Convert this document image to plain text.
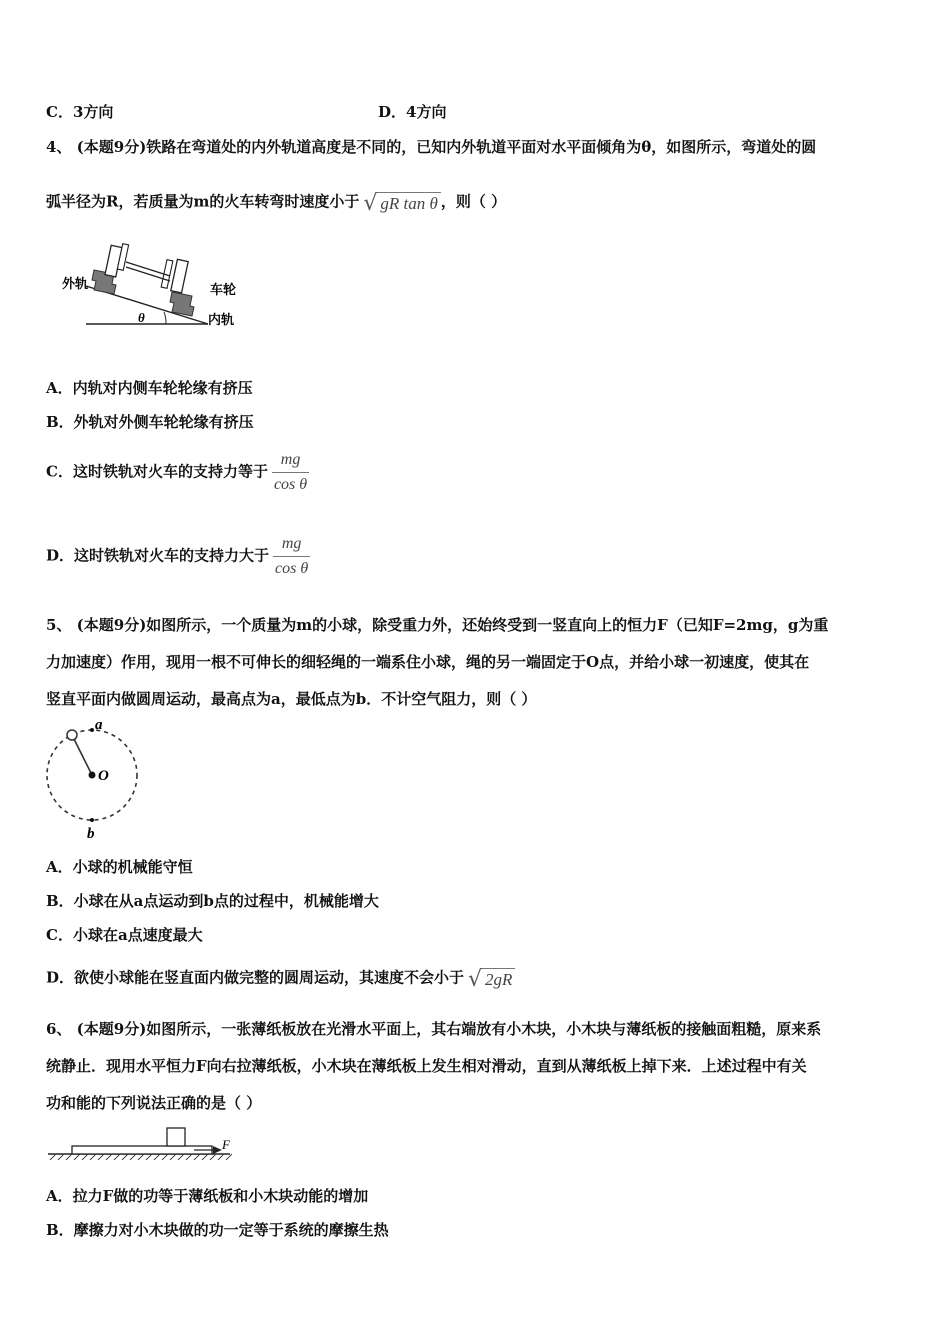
C．3方向	D．4方向
4、 (本题9分)铁路在弯道处的内外轨道高度是不同的，已知内外轨道平面对水平面倾角为θ，如图所示，弯道处的圆
弧半径为R，若质量为m的火车转弯时速度小于 √ gR tan θ ，则（ ）
外轨	车轮
内轨
θ
A．内轨对内侧车轮轮缘有挤压
B．外轨对外侧车轮轮缘有挤压
C．这时铁轨对火车的支持力等于 $\frac{mg}{\text{cos θ}}$
D．这时铁轨对火车的支持力大于 $\frac{mg}{\text{cos θ}}$
5、 (本题9分)如图所示，一个质量为m的小球，除受重力外，还始终受到一竖直向上的恒力F（已知F=2mg，g为重
力加速度）作用，现用一根不可伸长的细轻绳的一端系住小球，绳的另一端固定于O点，并给小球一初速度，使其在
竖直平面内做圆周运动，最高点为a，最低点为b．不计空气阻力，则（ ）
a
O
b
A．小球的机械能守恒
B．小球在从a点运动到b点的过程中，机械能增大
C．小球在a点速度最大
D．欲使小球能在竖直面内做完整的圆周运动，其速度不会小于 √ 2gR
6、 (本题9分)如图所示，一张薄纸板放在光滑水平面上，其右端放有小木块，小木块与薄纸板的接触面粗糙，原来系
统静止．现用水平恒力F向右拉薄纸板，小木块在薄纸板上发生相对滑动，直到从薄纸板上掉下来．上述过程中有关
功和能的下列说法正确的是（ ）
F
A．拉力F做的功等于薄纸板和小木块动能的增加
B．摩擦力对小木块做的功一定等于系统的摩擦生热
